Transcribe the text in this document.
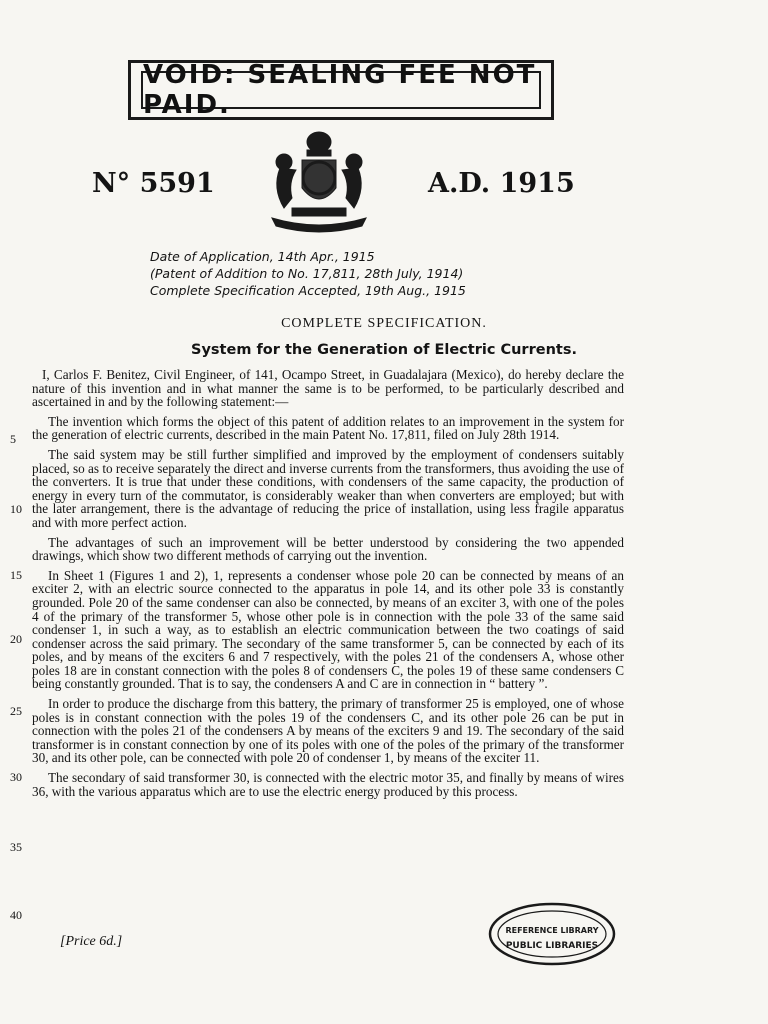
VOID: SEALING FEE NOT PAID.
N° 5591	A.D. 1915
Date of Application, 14th Apr., 1915
(Patent of Addition to No. 17,811, 28th July, 1914)
Complete Specification Accepted, 19th Aug., 1915
COMPLETE SPECIFICATION.
System for the Generation of Electric Currents.

I, Carlos F. Benitez, Civil Engineer, of 141, Ocampo Street, in Guadalajara (Mexico), do hereby declare the nature of this invention and in what manner the same is to be performed, to be particularly described and ascertained in and by the following statement:—

The invention which forms the object of this patent of addition relates to an improvement in the system for the generation of electric currents, described in the main Patent No. 17,811, filed on July 28th 1914.

The said system may be still further simplified and improved by the employment of condensers suitably placed, so as to receive separately the direct and inverse currents from the transformers, thus avoiding the use of the converters. It is true that under these conditions, with condensers of the same capacity, the production of energy in every turn of the commutator, is considerably weaker than when converters are employed; but with the later arrangement, there is the advantage of reducing the price of installation, using less fragile apparatus and with more perfect action.

The advantages of such an improvement will be better understood by considering the two appended drawings, which show two different methods of carrying out the invention.

In Sheet 1 (Figures 1 and 2), 1, represents a condenser whose pole 20 can be connected by means of an exciter 2, with an electric source connected to the apparatus in pole 14, and its other pole 33 is constantly grounded. Pole 20 of the same condenser can also be connected, by means of an exciter 3, with one of the poles 4 of the primary of the transformer 5, whose other pole is in connection with the pole 33 of the same said condenser 1, in such a way, as to establish an electric communication between the two coatings of said condenser across the said primary. The secondary of the same transformer 5, can be connected by each of its poles, and by means of the exciters 6 and 7 respectively, with the poles 21 of the condensers A, whose other poles 18 are in constant connection with the poles 8 of condensers C, the poles 19 of these same condensers C being constantly grounded. That is to say, the condensers A and C are in connection in “ battery ”.

In order to produce the discharge from this battery, the primary of transformer 25 is employed, one of whose poles is in constant connection with the poles 19 of the condensers C, and its other pole 26 can be put in connection with the poles 21 of the condensers A by means of the exciters 9 and 19. The secondary of the said transformer is in constant connection by one of its poles with one of the poles of the primary of the transformer 30, and its other pole, can be connected with pole 20 of condenser 1, by means of the exciter 11.

The secondary of said transformer 30, is connected with the electric motor 35, and finally by means of wires 36, with the various apparatus which are to use the electric energy produced by this process.

5
10
15
20
25
30
35
40
[Price 6d.]
REFERENCE LIBRARY
PUBLIC LIBRARIES
